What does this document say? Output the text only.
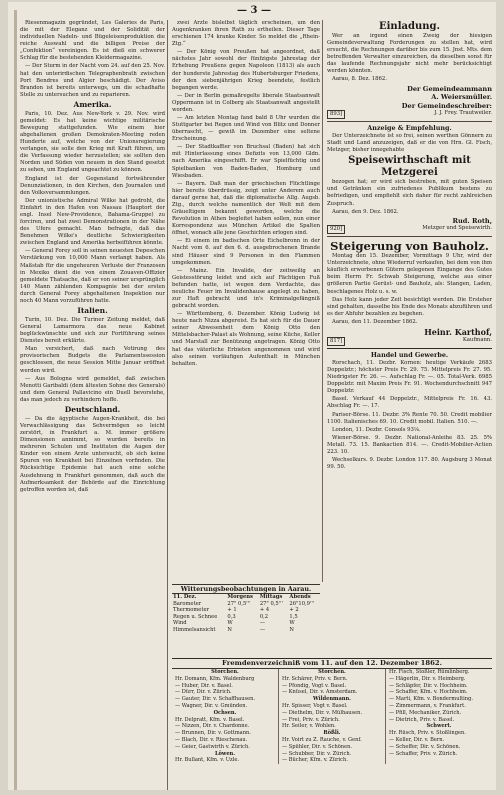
— 3 —

Riesenmagazin gegründet, Les Galeries de Paris, die mit der Eleganz und der Solidität der individuellen Nadeln- und Bügeleisenproduktion die reiche Auswahl und die billigen Preise der „Confektion“ vereinigen. Es ist dieß ein schwerer Schlag für die bestehenden Kleidermagazine.

— Der Sturm in der Nacht vom 24. auf den 25. Nov. hat den unterirdischen Telegraphenbrath zwischen Port Bendres und Algier beschädigt. Der Aviso Brandon ist bereits unterwegs, um die schadhafte Stelle zu untersuchen und zu reparieren.

Amerika.

Paris, 10. Dez. Aus New-York v. 29. Nov. wird gemeldet: Es hat keine wichtige militärische Bewegung stattgefunden. Wie einem hier abgehaltenen großen Demokraten-Meeting reden Hunderte auf, welche von der Unionsregierung verlangen, sie solle den Krieg mit Kraft führen, um die Verfassung wieder herzustellen; sie sollten den Norden und Süden von neuem in den Stand gesetzt zu sehen, um England ungeachtet zu können.

England ist der Gegenstand fortwährender Denunziationen, in den Kirchen, den Journalen und den Volksversammlungen.

Der unionistische Admiral Wilke hat gedroht, die Einfahrt in den Hafen von Nassau (Hauptort der engl. Insel New-Providence, Bahama-Gruppe) zu forciren, und hat zwei Demonstrationen in der Nähe des Ufers gemacht. Man befragte, daß das Benehmen Wilke's deutliche Schwierigkeiten zwischen England und Amerika herbeiführen könnte.

— General Forey soll in seinen neuesten Depeschen Verstärkung von 10,000 Mann verlangt haben. Als Maßstab für die ungeheuren Verluste der Franzosen in Mexiko dient die von einem Zouaven-Offizier gemeldete Thatsache, daß er von seiner ursprünglich 140 Mann zählenden Kompagnie bei der ersten durch General Forey abgehaltenen Inspektion nur noch 40 Mann vorzuführen hatte.

Italien.

Turin, 10. Dez. Die Turiner Zeitung meldet, daß General Lamarmora das neue Kabinet beglückwünschte und sich zur Fortführung seines Dienstes bereit erklärte.

Man versichert, daß nach Votirung des provisorischen Budgets die Parlamentssession geschlossen, die neue Session Mitte Januar eröffnet werden wird.

— Aus Bologna wird gemeldet, daß zwischen Menotti Garibaldi (dem ältesten Sohne des Generals) und dem General Pallavicino ein Duell bevorstehe, das man jedoch zu verhindern hoffe.

Deutschland.

— Da die ägyptische Augen-Krankheit, die bei Verwachlässigung das Sehvermögen so leicht zerstört, in Frankfurt a. M. immer größere Dimensionen annimmt, so wurden bereits in mehreren Schulen und Instituten die Augen der Kinder von einem Arzte untersucht, ob sich keine Spuren von Krankheit bei Einzelnen vorfinden. Die Rücksichtige Epidemie hat auch eine solche Ausdehnung in Frankfurt genommen, daß auch die Aufmerksamkeit der Behörde auf die Einrichtung getroffen worden ist, daß

zwei Ärzte bisleibst täglich erscheinen, um den Augenkranken ihren Rath zu ertheilen. Dieser Tage erschienen 174 kranke Kinder. So meldet die „Rhein-Ztg.“

— Der König von Preußen hat angeordnet, daß nächstes Jahr sowohl der fünfzigste Jahrestag der Erhebung Preußens gegen Napoleon (1813) als auch der hunderste Jahrestag des Hubertsburger Friedens, der den siebenjährigen Krieg beendete, festlich begangen werde.

— Der in Berlin gemaßregelte liberale Staatsanwalt Oppermann ist in Colberg als Staatsanwalt angestellt worden.

— Am letzten Montag fand bald 8 Uhr wurden die Stuttgarter bei Regen und Wind von Blitz und Donner überrascht, — gewiß im Dezember eine seltene Erscheinung.

— Der Stadtkaffier von Bruchsal (Baden) hat sich mit Hinterlassung eines Defizits von 13,000 Gldn. nach Amerika eingeschifft. Er war Spielfüchtig und Spielbanken von Baden-Baden, Homburg und Wiesbaden.

— Bayern. Daß man der griechischen Flüchtlinge hier bereits überdrüssig, zeigt unter Anderem auch darauf gerne hat, daß die diplomatische Allg. Augsb. Ztg., durch welche namentlich der Welt mit dem Gräueltigem bekannt geworden, welche die Revolution in Athen begleitet haben sollen, nun einer Korrespondenz aus München Artikel die Spalten öffnet, wonach alle jene Geschichten erlogen sind.

— Ei einem im badischen Orte Eichelbronn in der Nacht vom 6. auf den 6. d. ausgebrochenen Brande sind Häuser sind 9 Personen in den Flammen umgekommen.

— Mainz. Ein Invalide, der zeitweilig an Geistesstörung leidet und sich auf Fächtigen Fuß befunden hatte, ist wegen dem Verdachte, das neuliche Feuer im Invalidenhause angelegt zu haben, zur Haft gebracht und in's Kriminalgefängniß gebracht worden.

— Württemberg, 6. Dezember. König Ludwig ist heute nach Nizza abgereist. Es hat sich für die Dauer seiner Abwesenheit dem König Otto den Mittelsbacher-Palast als Wohnung, seine Küche, Keller und Marstall zur Benützung angetragen. König Otto hat das väterliche Erbieten angenommen und wird also seinen vorläufigen Aufenthalt in München behalten.

Einladung.

Wer an irgend einen Zweig der hiesigen Gemeindeverwaltung Forderungen zu stellen hat, wird ersucht, die Rechnungen darüber bis zum 15. Jnst. Mts. dem betreffenden Verwalter einzureichen, da dieselben sonst für das laufende Rechnungsjahr nicht mehr berücksichtigt werden könnten.

Aarau, 8. Dez. 1862.

Der Gemeindeammann
A. Weiersmüller.
Der Gemeindeschreiber:
893]	J. J. Frey. Trautweiler.
Anzeige & Empfehlung.

Der Unterzeichnete ist so frei, seinen werthen Gönnern zu Stadt und Land anzuzeigen, daß er die von Hrn. Gl. Fisch, Metzger, bisher innegehabte

Speisewirthschaft mit Metzgerei

bezogen hat; er wird sich bestreben, mit guten Speisen und Getränken ein zufriedenes Publikum bestens zu befriedigen, und empfiehlt sich daher für recht zahlreichen Zuspruch.

Aarau, den 9. Dez. 1862.

Rud. Roth,
920]	Metzger und Speisewirth.
Steigerung von Bauholz.

Montag den 15. Dezember, Vormittags 9 Uhr, wird der Unterzeichnete, ohne Wiederruf verkaufen, bei dem von ihm käuflich erworbenen Gütern gelegenen Eingange des Gutes beim Herrn Fr. Schwab Steigerung, welche aus einer größeren Partie Gerüst- und Bauholz, als: Stangen, Laden, beschlagenes Holz u. s. w.

Das Holz kann jeder Zeit besichtigt werden. Die Ersteher sind gehalten, dasselbe bis Ende des Monats abzuführen und es der Abfuhr bezahlen zu begehen.

Aarau, den 11. Dezember 1862.

Heinr. Karthof,
817]	Kaufmann.
Handel und Gewerbe.

Rorschach, 11. Dezbr. Kornen: heutige Verkäufe 2683 Doppelztr.; höchster Preis Fr. 29. 75. Mittelpreis Fr. 27. 95. Niedrigster Fr. 26. —. Aufschlag Fr. —. 05. Total-Verk. 6985 Doppelztr. mit Maxim Preis Fr. 91. Wochendurchschnitt 947 Doppelztr.

Basel. Verkauf 44 Doppelztr., Mittelpreis Fr. 16. 43. Abschlag Fr. —. 17.

Pariser-Börse. 11. Dezbr. 3% Rente 70. 50. Credit mobilier 1100. Italienisches 69. 10. Credit mobil. Italien. 510. —.

London, 11. Dezbr. Consols 93⅛.

Wiener-Börse. 9. Dezbr. National-Anleihe 83. 25. 5% Metall. 73. 15. Bankactien 814. —. Credit-Mobilier-Actien 223. 10.

Wechselkurs. 9. Dezbr. London 117. 80. Augsburg 3 Monat 99. 50.

Witterungsbeobachtungen in Aarau.
11. Dez.	Morgens	Mittags	Abends
Barometer	27" 0,5'''	27" 0,5'''	26"10,9'''
Thermometer	+ 1	+ 4	+ 2
Regen u. Schnee	0,3	0,2	1,5
Wind	W	—	W
Himmelsansicht	N	—	N
Fremdenverzeichniß vom 11. auf den 12. Dezember 1862.
Storchen.
Hr. Domann, Kfm. Waldenburg
— Huber, Dir. v. Basel.
— Dürr, Dir. v. Zürich.
— Gauter, Dir. v. Schaffhausen.
— Wagner, Dir. v. Gmünden.
Ochsen.
Hr. Delpratt, Kfm. v. Basel.
— Nizzen, Dir. v. Chardonne.
— Brunnen, Dir. v. Gottmann.
— Blach, Dir. v. Rieschenau.
— Geier, Gastwirth v. Zürich.
Löwen.
Hr. Bullant, Kfm. v. Uzle.
Storchen.
Hr. Schärer, Priv. v. Bern.
— Pfondig, Vogt v. Basel.
— Knüsel, Dir. v. Amsterdam.
Wildenmann.
Hr. Spisser, Vogt v. Basel.
— Diethelm, Dir. v. Mülhausen.
— Frei, Priv. v. Zürich.
Hr. Seiler, v. Wohlen.
Rößli.
Hr. Voirt zu Z. Rauche, v. Genf.
— Spühler, Dir. v. Schönen.
— Schubber, Dir. v. Zürich.
— Bücher, Kfm. v. Zürich.
Hr. Fisch, Stoßler, Rümlinberg.
— Hägerlin, Dir. v. Heimberg.
— Schläpfer, Dir. v. Hochheim.
— Schaffer, Kfm. v. Hochheim.
— Marti, Kfm. v. Bondermulting.
— Zimmermann, v. Frankfurt.
— Pfill, Mechaniker, Zürich.
— Dietrich, Priv. v. Basel.
Schwert.
Hr. Rüsch, Priv. v. Stoßlingen.
— Keller, Dir. v. Bern.
— Scheffer, Dir. v. Schönen.
— Schaffer, Priv. v. Zürich.
